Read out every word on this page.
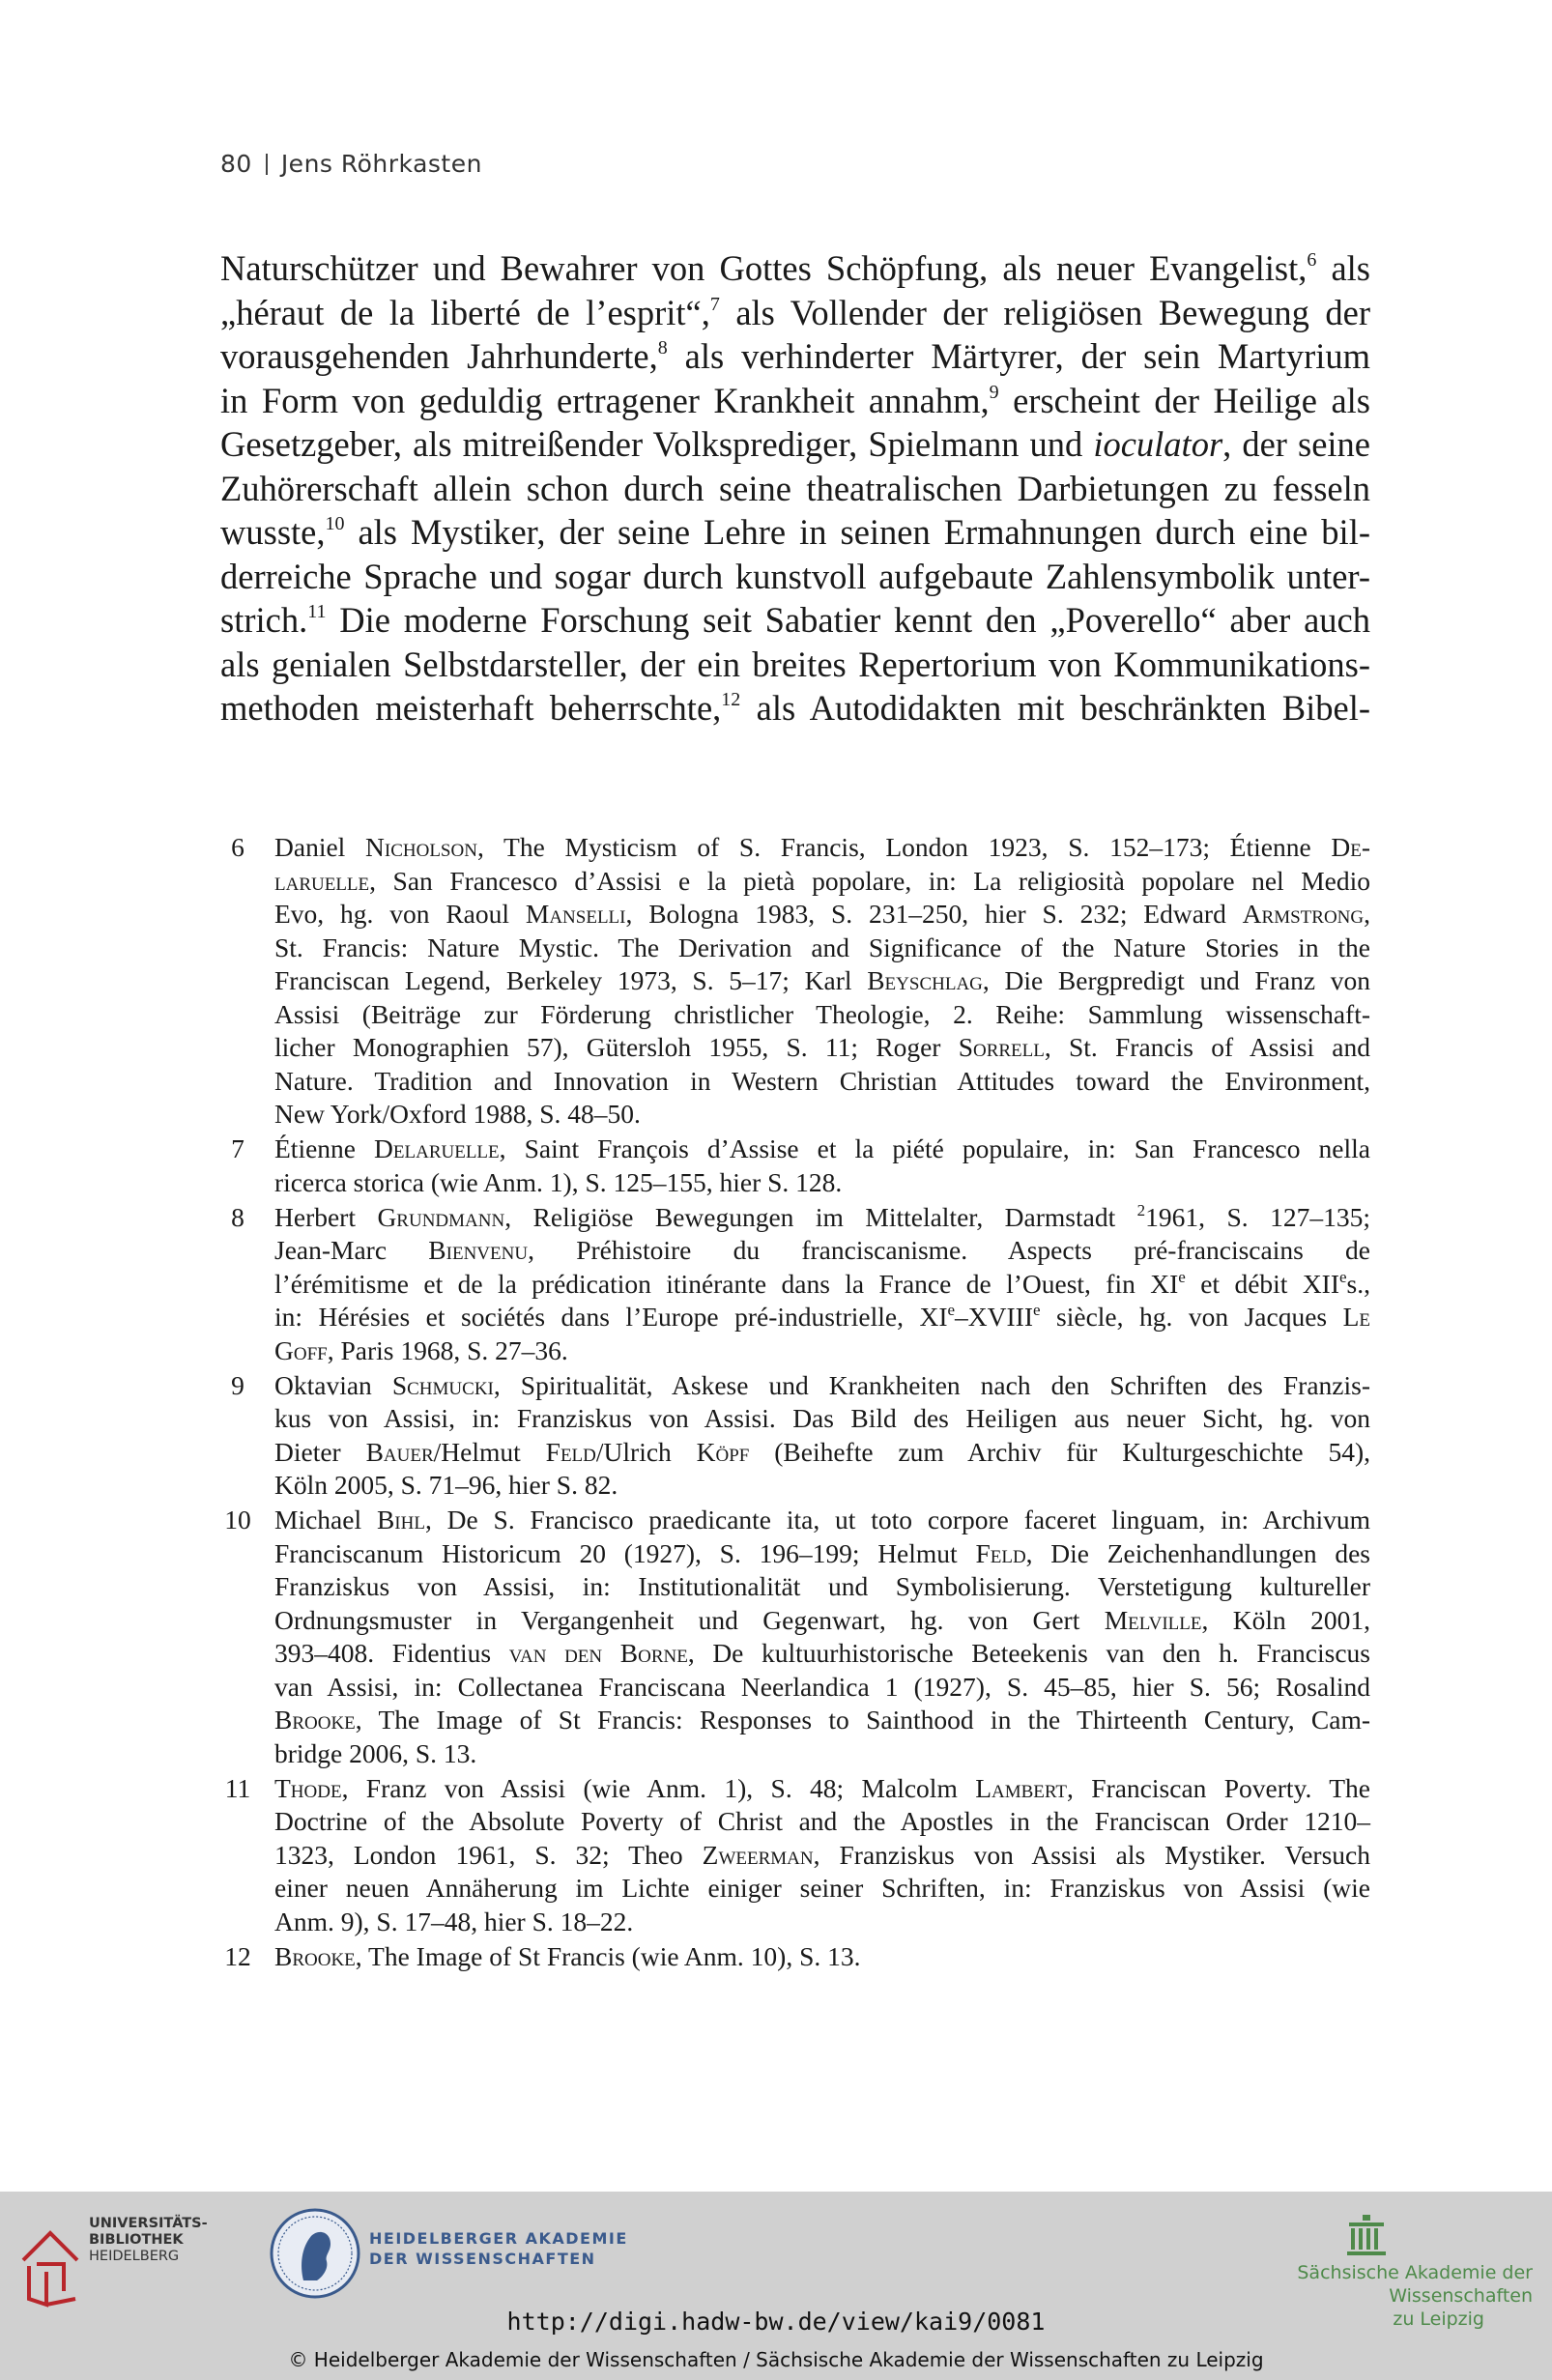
80 Jens Röhrkasten
Naturschützer und Bewahrer von Gottes Schöpfung, als neuer Evangelist,$^6$ als
„héraut de la liberté de l’esprit“,$^7$ als Vollender der religiösen Bewegung der
vorausgehenden Jahrhunderte,$^8$ als verhinderter Märtyrer, der sein Martyrium
in Form von geduldig ertragener Krankheit annahm,$^9$ erscheint der Heilige als
Gesetzgeber, als mitreißender Volksprediger, Spielmann und ioculator, der seine
Zuhörerschaft allein schon durch seine theatralischen Darbietungen zu fesseln
wusste,$^{10}$ als Mystiker, der seine Lehre in seinen Ermahnungen durch eine bil-
derreiche Sprache und sogar durch kunstvoll aufgebaute Zahlensymbolik unter-
strich.$^{11}$ Die moderne Forschung seit Sabatier kennt den „Poverello“ aber auch
als genialen Selbstdarsteller, der ein breites Repertorium von Kommunikations-
methoden meisterhaft beherrschte,$^{12}$ als Autodidakten mit beschränkten Bibel-
6	Daniel Nicholson, The Mysticism of S. Francis, London 1923, S. 152–173; Étienne De-
laruelle, San Francesco d’Assisi e la pietà popolare, in: La religiosità popolare nel Medio
Evo, hg. von Raoul Manselli, Bologna 1983, S. 231–250, hier S. 232; Edward Armstrong,
St. Francis: Nature Mystic. The Derivation and Significance of the Nature Stories in the
Franciscan Legend, Berkeley 1973, S. 5–17; Karl Beyschlag, Die Bergpredigt und Franz von
Assisi (Beiträge zur Förderung christlicher Theologie, 2. Reihe: Sammlung wissenschaft-
licher Monographien 57), Gütersloh 1955, S. 11; Roger Sorrell, St. Francis of Assisi and
Nature. Tradition and Innovation in Western Christian Attitudes toward the Environment,
New York/Oxford 1988, S. 48–50.
7	Étienne Delaruelle, Saint François d’Assise et la piété populaire, in: San Francesco nella
ricerca storica (wie Anm. 1), S. 125–155, hier S. 128.
8	Herbert Grundmann, Religiöse Bewegungen im Mittelalter, Darmstadt $^2$1961, S. 127–135;
Jean-Marc Bienvenu, Préhistoire du franciscanisme. Aspects pré-franciscains de
l’érémitisme et de la prédication itinérante dans la France de l’Ouest, fin XIe et débit XIIes.,
in: Hérésies et sociétés dans l’Europe pré-industrielle, XIe–XVIIIe siècle, hg. von Jacques Le
Goff, Paris 1968, S. 27–36.
9	Oktavian Schmucki, Spiritualität, Askese und Krankheiten nach den Schriften des Franzis-
kus von Assisi, in: Franziskus von Assisi. Das Bild des Heiligen aus neuer Sicht, hg. von
Dieter Bauer/Helmut Feld/Ulrich Köpf (Beihefte zum Archiv für Kulturgeschichte 54),
Köln 2005, S. 71–96, hier S. 82.
10 Michael Bihl, De S. Francisco praedicante ita, ut toto corpore faceret linguam, in: Archivum
Franciscanum Historicum 20 (1927), S. 196–199; Helmut Feld, Die Zeichenhandlungen des
Franziskus von Assisi, in: Institutionalität und Symbolisierung. Verstetigung kultureller
Ordnungsmuster in Vergangenheit und Gegenwart, hg. von Gert Melville, Köln 2001,
393–408. Fidentius van den Borne, De kultuurhistorische Beteekenis van den h. Franciscus
van Assisi, in: Collectanea Franciscana Neerlandica 1 (1927), S. 45–85, hier S. 56; Rosalind
Brooke, The Image of St Francis: Responses to Sainthood in the Thirteenth Century, Cam-
bridge 2006, S. 13.
11 Thode, Franz von Assisi (wie Anm. 1), S. 48; Malcolm Lambert, Franciscan Poverty. The
Doctrine of the Absolute Poverty of Christ and the Apostles in the Franciscan Order 1210–
1323, London 1961, S. 32; Theo Zweerman, Franziskus von Assisi als Mystiker. Versuch
einer neuen Annäherung im Lichte einiger seiner Schriften, in: Franziskus von Assisi (wie
Anm. 9), S. 17–48, hier S. 18–22.
12 Brooke, The Image of St Francis (wie Anm. 10), S. 13.
UNIVERSITÄTS-
BIBLIOTHEK
HEIDELBERG
HEIDELBERGER AKADEMIE
DER WISSENSCHAFTEN
Sächsische Akademie der Wissenschaften
zu Leipzig
http://digi.hadw-bw.de/view/kai9/0081
© Heidelberger Akademie der Wissenschaften / Sächsische Akademie der Wissenschaften zu Leipzig
